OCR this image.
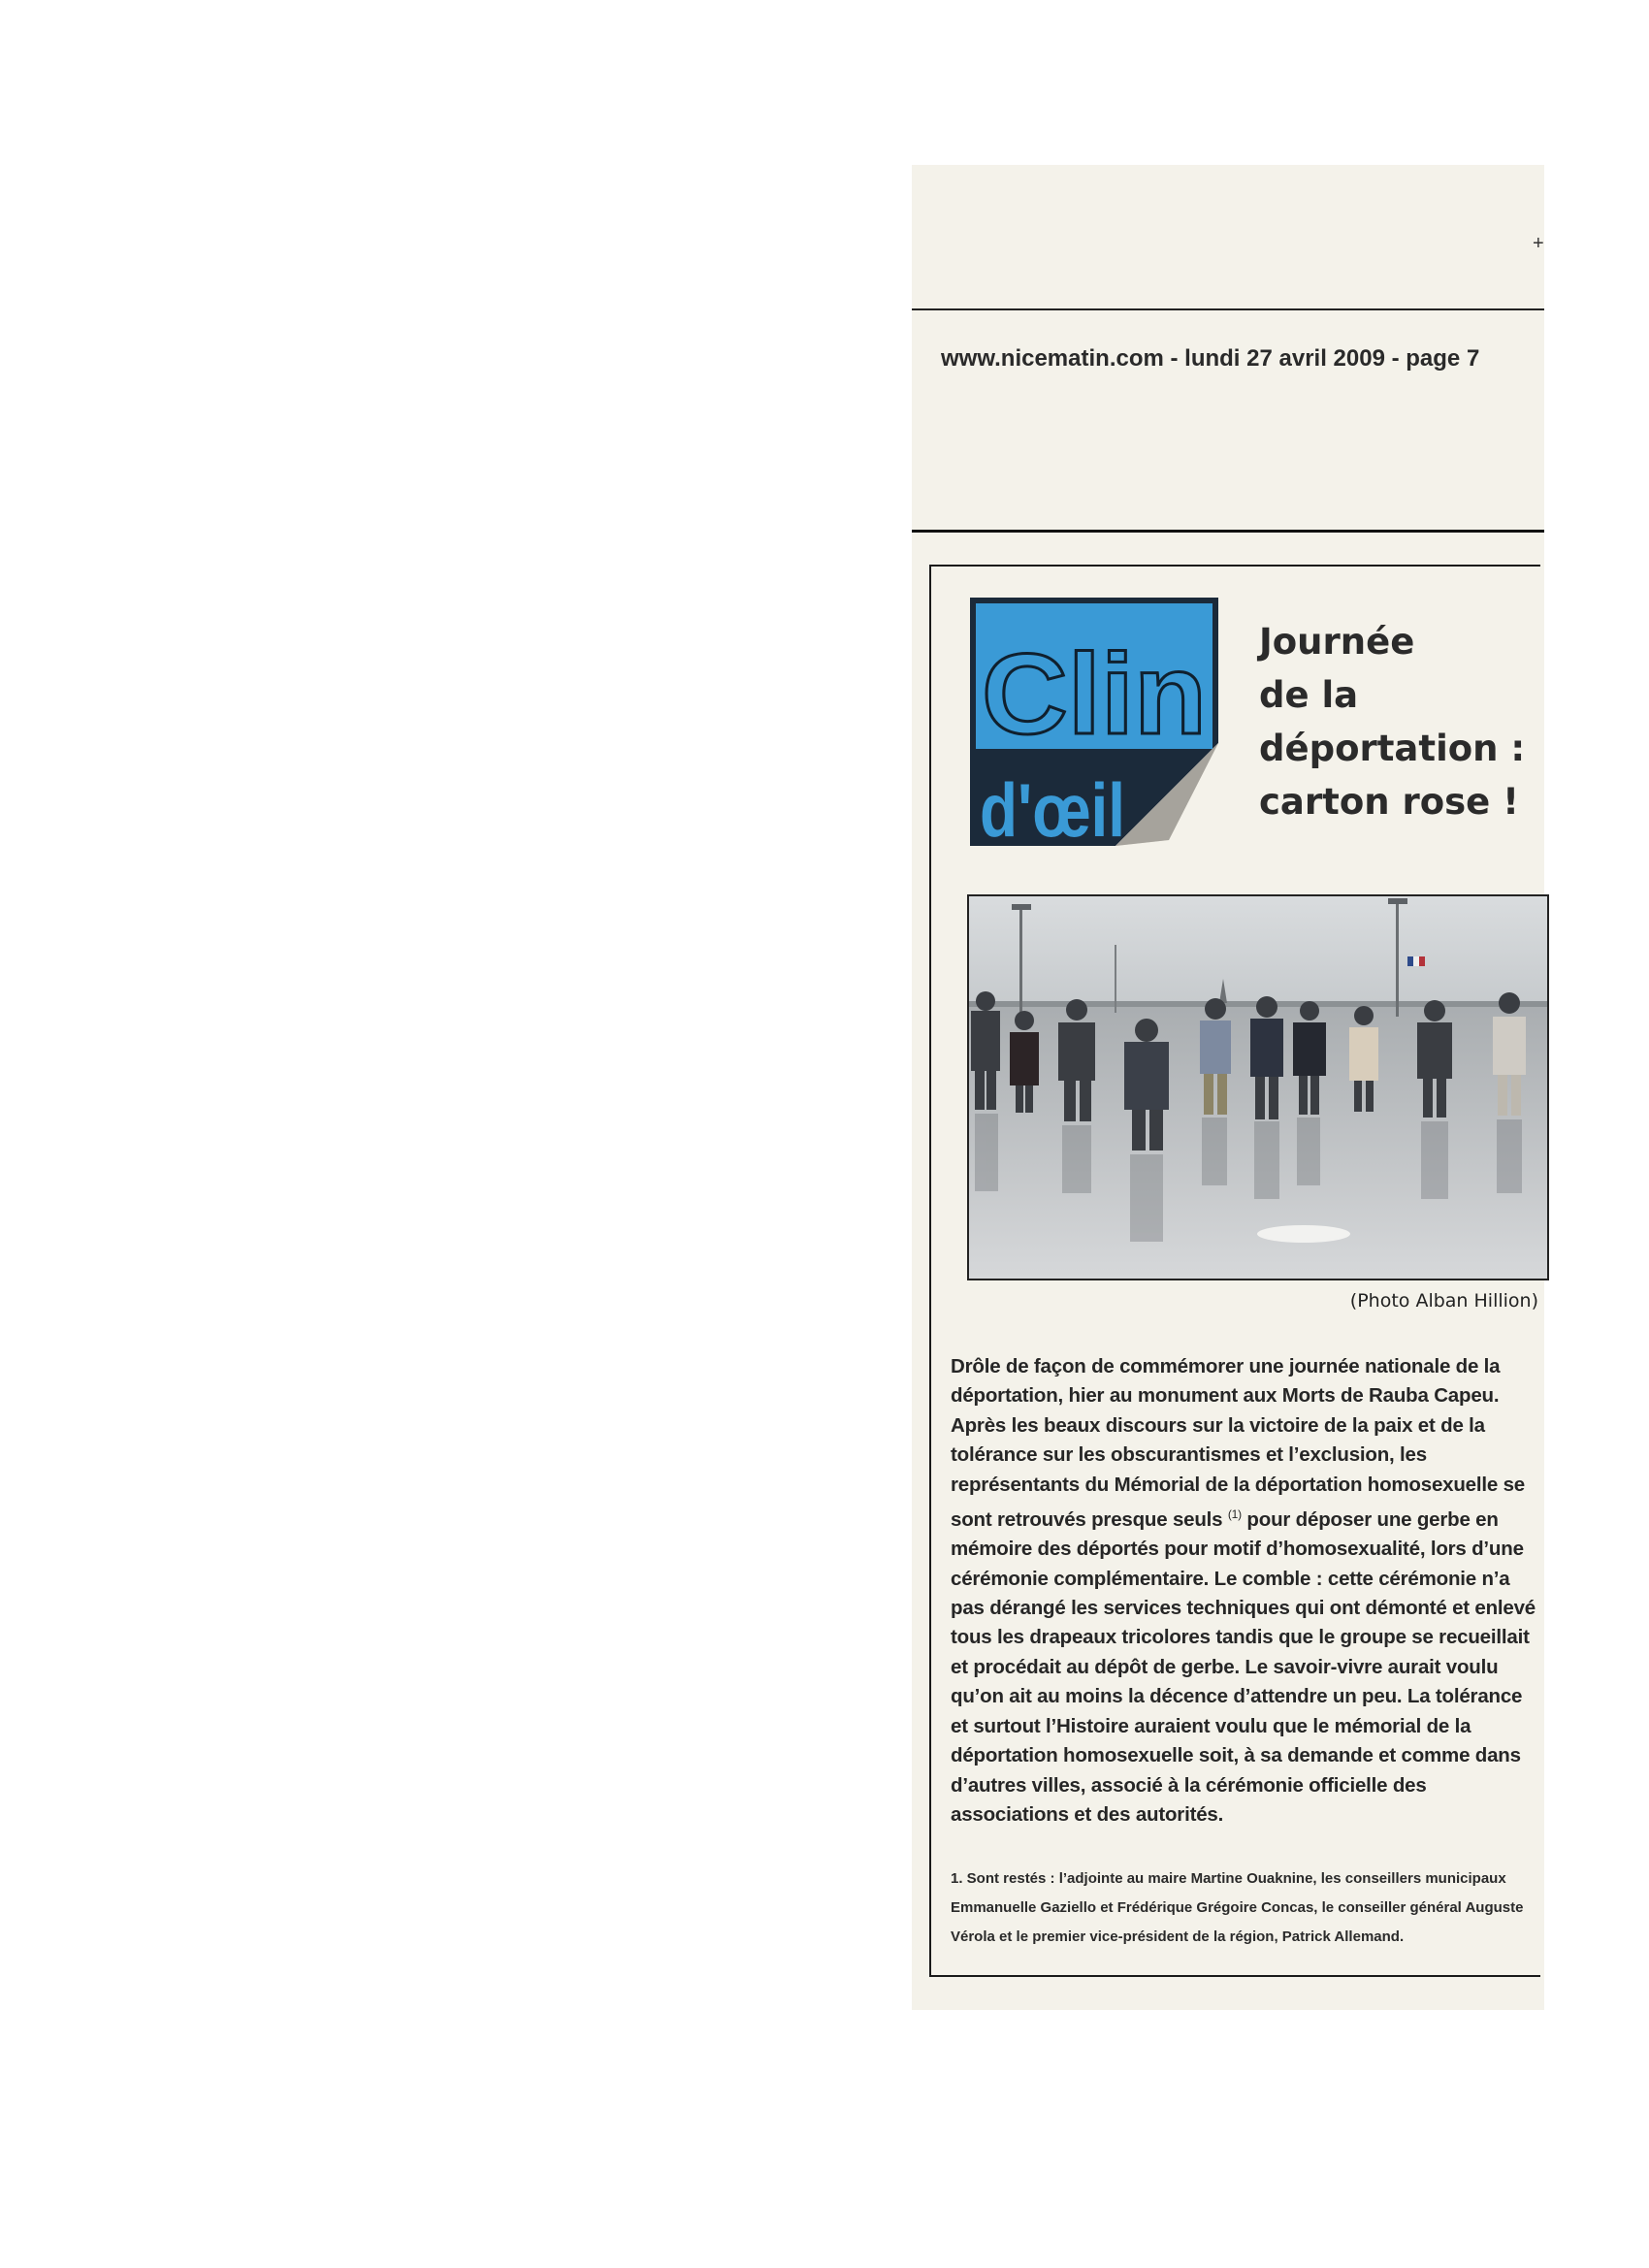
www.nicematin.com - lundi 27 avril 2009 - page 7
Clin
d'œil
Journée
de la
déportation :
carton rose !
(Photo Alban Hillion)

Drôle de façon de commémorer une journée nationale de la déportation, hier au monument aux Morts de Rauba Capeu. Après les beaux discours sur la victoire de la paix et de la tolérance sur les obscurantismes et l’exclusion, les représentants du Mémorial de la déportation homosexuelle se sont retrouvés presque seuls $^{(1)}$ pour déposer une gerbe en mémoire des déportés pour motif d’homosexualité, lors d’une cérémonie complémentaire. Le comble : cette cérémonie n’a pas dérangé les services techniques qui ont démonté et enlevé tous les drapeaux tricolores tandis que le groupe se recueillait et procédait au dépôt de gerbe. Le savoir-vivre aurait voulu qu’on ait au moins la décence d’attendre un peu. La tolérance et surtout l’Histoire auraient voulu que le mémorial de la déportation homosexuelle soit, à sa demande et comme dans d’autres villes, associé à la cérémonie officielle des associations et des autorités.

1. Sont restés : l’adjointe au maire Martine Ouaknine, les conseillers municipaux Emmanuelle Gaziello et Frédérique Grégoire Concas, le conseiller général Auguste Vérola et le premier vice-président de la région, Patrick Allemand.

+
